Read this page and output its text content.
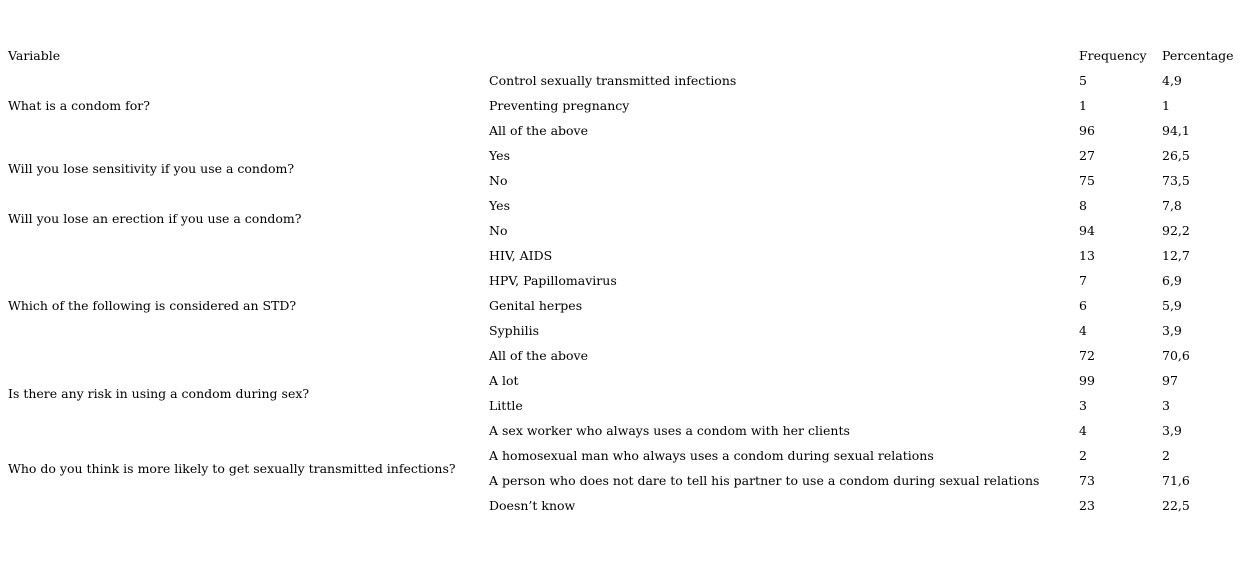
Variable		Frequency	Percentage
What is a condom for?	Control sexually transmitted infections	5	4,9
	Preventing pregnancy	1	1
	All of the above	96	94,1
Will you lose sensitivity if you use a condom?	Yes	27	26,5
	No	75	73,5
Will you lose an erection if you use a condom?	Yes	8	7,8
	No	94	92,2
Which of the following is considered an STD?	HIV, AIDS	13	12,7
	HPV, Papillomavirus	7	6,9
	Genital herpes	6	5,9
	Syphilis	4	3,9
	All of the above	72	70,6
Is there any risk in using a condom during sex?	A lot	99	97
	Little	3	3
Who do you think is more likely to get sexually transmitted infections?	A sex worker who always uses a condom with her clients	4	3,9
	A homosexual man who always uses a condom during sexual relations	2	2
	A person who does not dare to tell his partner to use a condom during sexual relations	73	71,6
	Doesn’t know	23	22,5
